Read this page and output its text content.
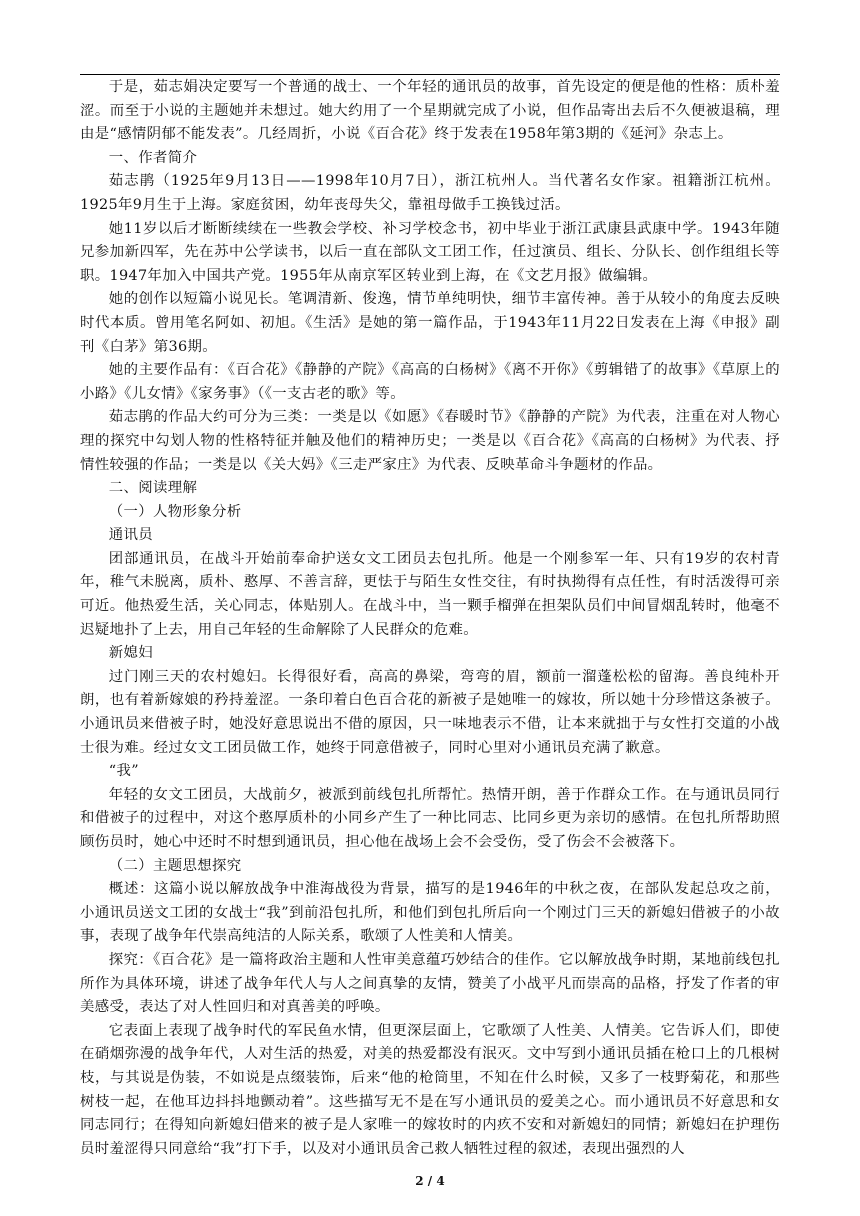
于是，茹志娟决定要写一个普通的战士、一个年轻的通讯员的故事，首先设定的便是他的性格：质朴羞涩。而至于小说的主题她并未想过。她大约用了一个星期就完成了小说，但作品寄出去后不久便被退稿，理由是“感情阴郁不能发表”。几经周折，小说《百合花》终于发表在1958年第3期的《延河》杂志上。

一、作者简介

茹志鹃（1925年9月13日——1998年10月7日），浙江杭州人。当代著名女作家。祖籍浙江杭州。1925年9月生于上海。家庭贫困，幼年丧母失父，靠祖母做手工换钱过活。

她11岁以后才断断续续在一些教会学校、补习学校念书，初中毕业于浙江武康县武康中学。1943年随兄参加新四军，先在苏中公学读书，以后一直在部队文工团工作，任过演员、组长、分队长、创作组组长等职。1947年加入中国共产党。1955年从南京军区转业到上海，在《文艺月报》做编辑。

她的创作以短篇小说见长。笔调清新、俊逸，情节单纯明快，细节丰富传神。善于从较小的角度去反映时代本质。曾用笔名阿如、初旭。《生活》是她的第一篇作品，于1943年11月22日发表在上海《申报》副刊《白茅》第36期。

她的主要作品有：《百合花》《静静的产院》《高高的白杨树》《离不开你》《剪辑错了的故事》《草原上的小路》《儿女情》《家务事》（《一支古老的歌》等。

茹志鹃的作品大约可分为三类：一类是以《如愿》《春暖时节》《静静的产院》为代表，注重在对人物心理的探究中勾划人物的性格特征并触及他们的精神历史；一类是以《百合花》《高高的白杨树》为代表、抒情性较强的作品；一类是以《关大妈》《三走严家庄》为代表、反映革命斗争题材的作品。

二、阅读理解

（一）人物形象分析

通讯员

团部通讯员，在战斗开始前奉命护送女文工团员去包扎所。他是一个刚参军一年、只有19岁的农村青年，稚气未脱离，质朴、憨厚、不善言辞，更怯于与陌生女性交往，有时执拗得有点任性，有时活泼得可亲可近。他热爱生活，关心同志，体贴别人。在战斗中，当一颗手榴弹在担架队员们中间冒烟乱转时，他毫不迟疑地扑了上去，用自己年轻的生命解除了人民群众的危难。

新媳妇

过门刚三天的农村媳妇。长得很好看，高高的鼻梁，弯弯的眉，额前一溜蓬松松的留海。善良纯朴开朗，也有着新嫁娘的矜持羞涩。一条印着白色百合花的新被子是她唯一的嫁妆，所以她十分珍惜这条被子。小通讯员来借被子时，她没好意思说出不借的原因，只一味地表示不借，让本来就拙于与女性打交道的小战士很为难。经过女文工团员做工作，她终于同意借被子，同时心里对小通讯员充满了歉意。

“我”

年轻的女文工团员，大战前夕，被派到前线包扎所帮忙。热情开朗，善于作群众工作。在与通讯员同行和借被子的过程中，对这个憨厚质朴的小同乡产生了一种比同志、比同乡更为亲切的感情。在包扎所帮助照顾伤员时，她心中还时不时想到通讯员，担心他在战场上会不会受伤，受了伤会不会被落下。

（二）主题思想探究

概述：这篇小说以解放战争中淮海战役为背景，描写的是1946年的中秋之夜，在部队发起总攻之前，小通讯员送文工团的女战士“我”到前沿包扎所，和他们到包扎所后向一个刚过门三天的新媳妇借被子的小故事，表现了战争年代崇高纯洁的人际关系，歌颂了人性美和人情美。

探究：《百合花》是一篇将政治主题和人性审美意蕴巧妙结合的佳作。它以解放战争时期，某地前线包扎所作为具体环境，讲述了战争年代人与人之间真挚的友情，赞美了小战平凡而崇高的品格，抒发了作者的审美感受，表达了对人性回归和对真善美的呼唤。

它表面上表现了战争时代的军民鱼水情，但更深层面上，它歌颂了人性美、人情美。它告诉人们，即使在硝烟弥漫的战争年代，人对生活的热爱，对美的热爱都没有泯灭。文中写到小通讯员插在枪口上的几根树枝，与其说是伪装，不如说是点缀装饰，后来“他的枪筒里，不知在什么时候，又多了一枝野菊花，和那些树枝一起，在他耳边抖抖地颤动着”。这些描写无不是在写小通讯员的爱美之心。而小通讯员不好意思和女同志同行；在得知向新媳妇借来的被子是人家唯一的嫁妆时的内疚不安和对新媳妇的同情；新媳妇在护理伤员时羞涩得只同意给“我”打下手，以及对小通讯员舍己救人牺牲过程的叙述，表现出强烈的人

2 / 4
